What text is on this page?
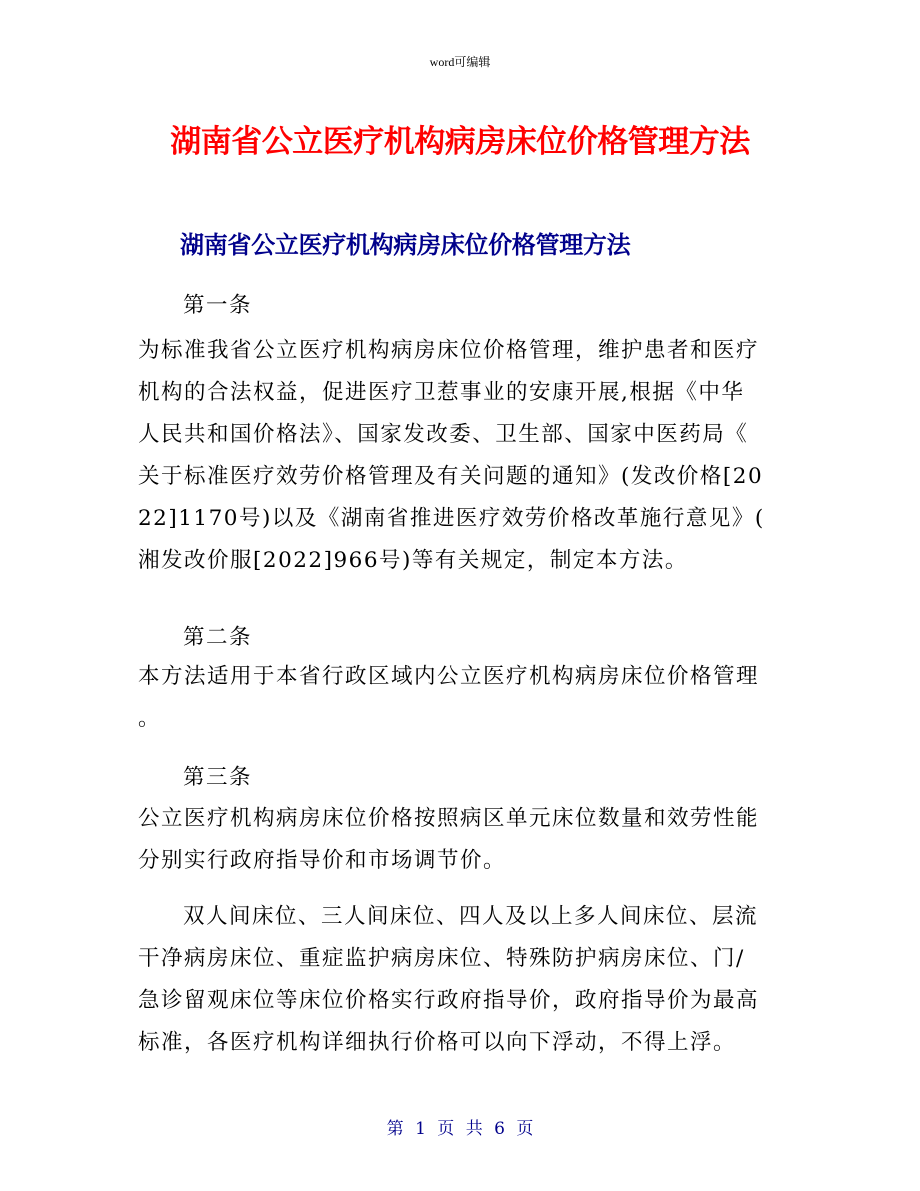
word可编辑
湖南省公立医疗机构病房床位价格管理方法
湖南省公立医疗机构病房床位价格管理方法
第一条
为标准我省公立医疗机构病房床位价格管理，维护患者和医疗
机构的合法权益，促进医疗卫惹事业的安康开展,根据《中华
人民共和国价格法》、国家发改委、卫生部、国家中医药局《
关于标准医疗效劳价格管理及有关问题的通知》(发改价格[20
22]1170号)以及《湖南省推进医疗效劳价格改革施行意见》(
湘发改价服[2022]966号)等有关规定，制定本方法。
第二条
本方法适用于本省行政区域内公立医疗机构病房床位价格管理
。
第三条
公立医疗机构病房床位价格按照病区单元床位数量和效劳性能
分别实行政府指导价和市场调节价。
双人间床位、三人间床位、四人及以上多人间床位、层流
干净病房床位、重症监护病房床位、特殊防护病房床位、门/
急诊留观床位等床位价格实行政府指导价，政府指导价为最高
标准，各医疗机构详细执行价格可以向下浮动，不得上浮。
第 1 页 共 6 页
